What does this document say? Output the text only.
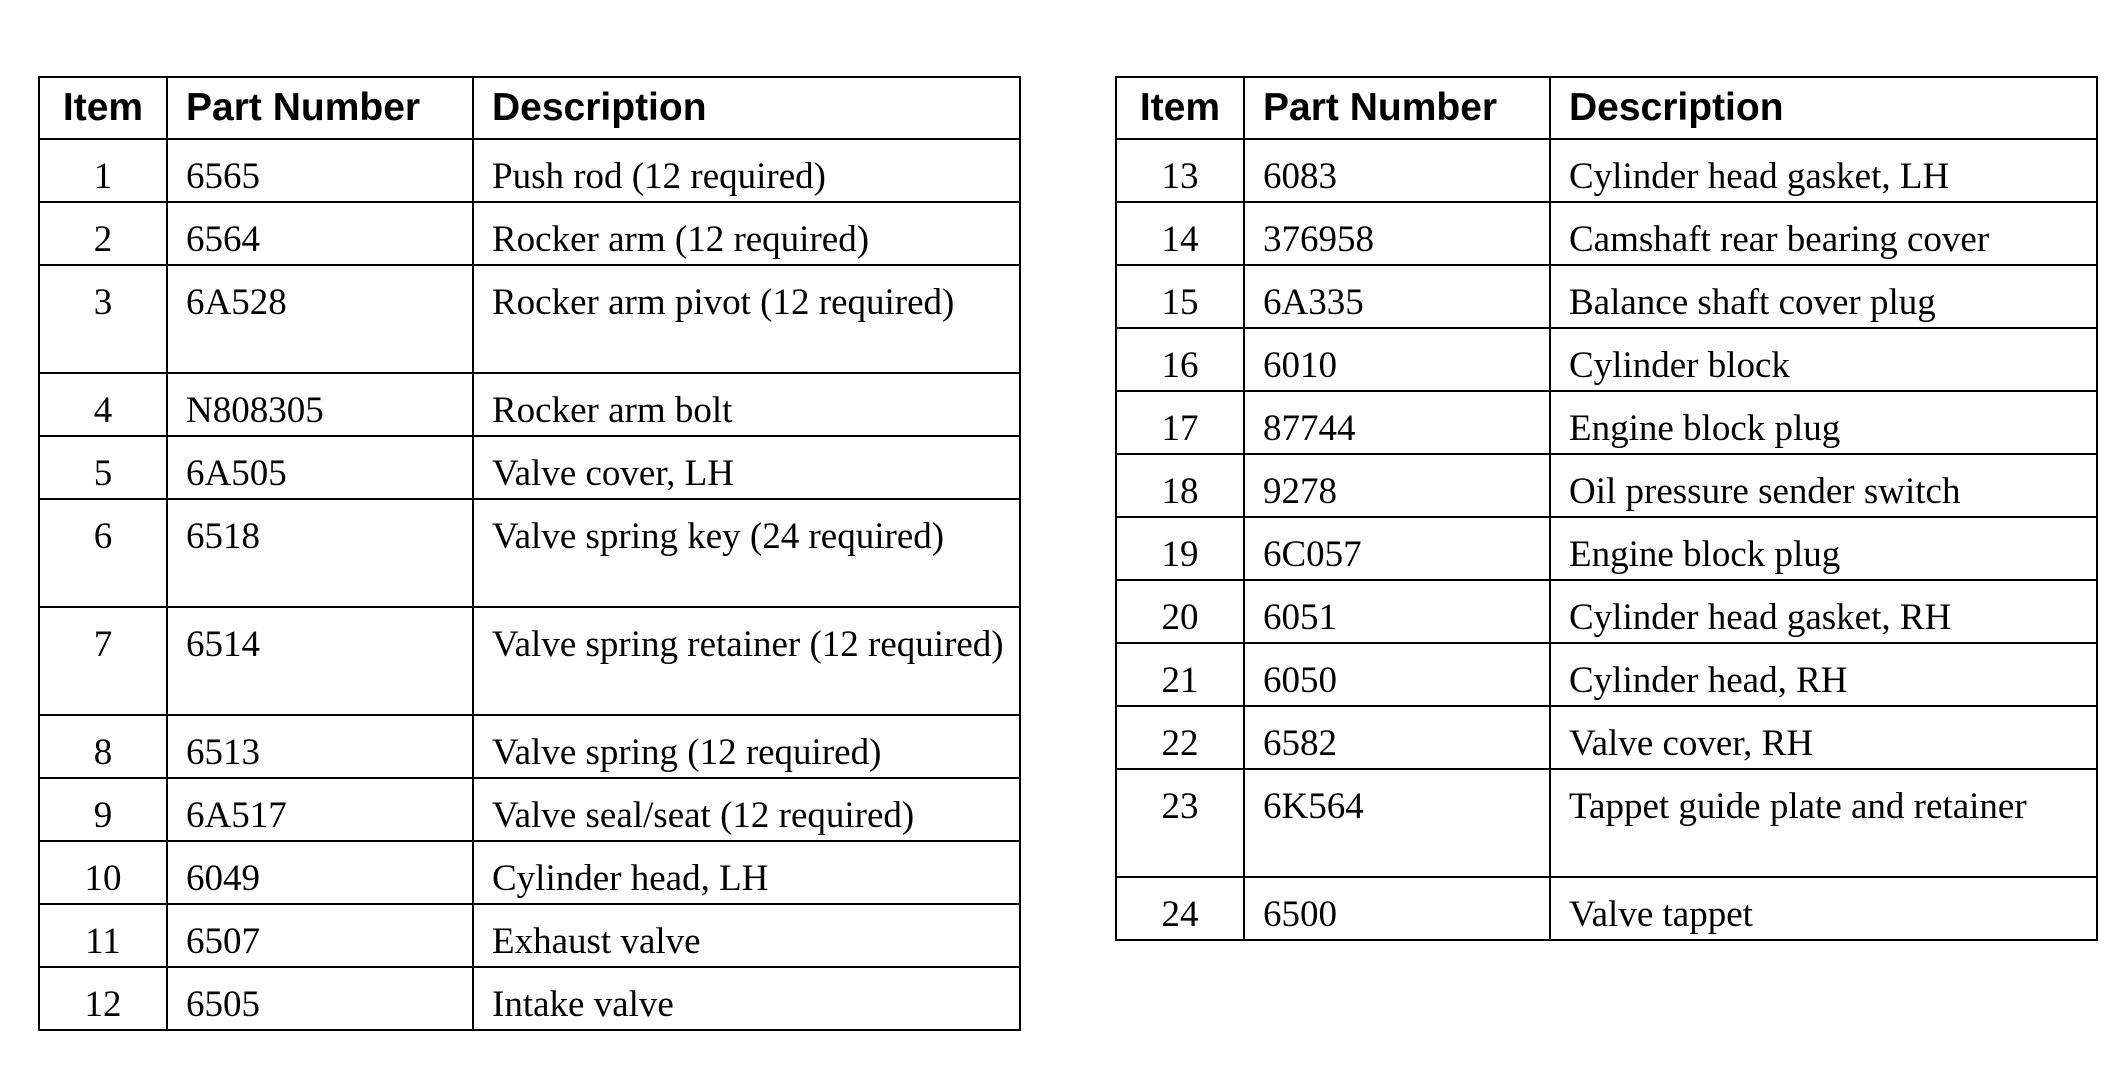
Item	Part Number	Description
1	6565	Push rod (12 required)
2	6564	Rocker arm (12 required)
3	6A528	Rocker arm pivot (12 required)
4	N808305	Rocker arm bolt
5	6A505	Valve cover, LH
6	6518	Valve spring key (24 required)
7	6514	Valve spring retainer (12 required)
8	6513	Valve spring (12 required)
9	6A517	Valve seal/seat (12 required)
10	6049	Cylinder head, LH
11	6507	Exhaust valve
12	6505	Intake valve
Item	Part Number	Description
13	6083	Cylinder head gasket, LH
14	376958	Camshaft rear bearing cover
15	6A335	Balance shaft cover plug
16	6010	Cylinder block
17	87744	Engine block plug
18	9278	Oil pressure sender switch
19	6C057	Engine block plug
20	6051	Cylinder head gasket, RH
21	6050	Cylinder head, RH
22	6582	Valve cover, RH
23	6K564	Tappet guide plate and retainer
24	6500	Valve tappet
